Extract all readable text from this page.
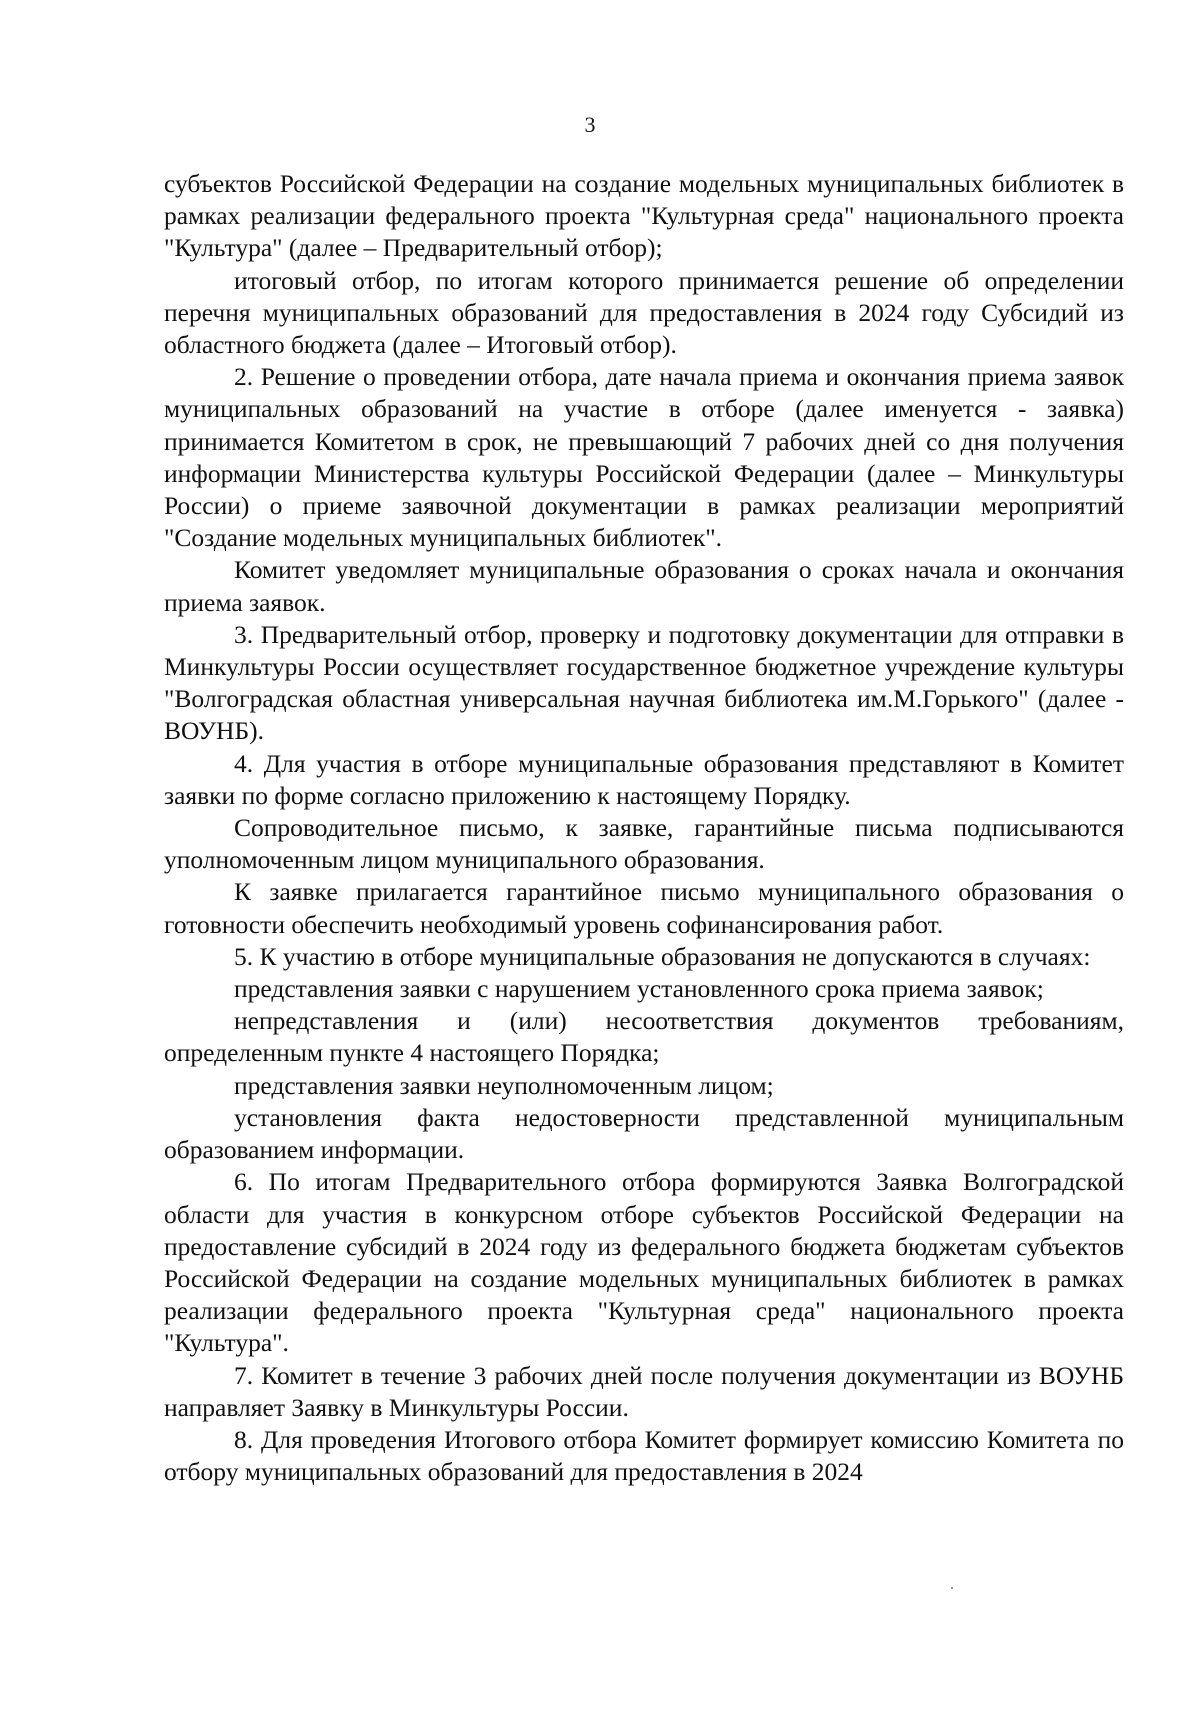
3

субъектов Российской Федерации на создание модельных муниципальных библиотек в рамках реализации федерального проекта "Культурная среда" национального проекта "Культура" (далее – Предварительный отбор);

итоговый отбор, по итогам которого принимается решение об определении перечня муниципальных образований для предоставления в 2024 году Субсидий из областного бюджета (далее – Итоговый отбор).

2. Решение о проведении отбора, дате начала приема и окончания приема заявок муниципальных образований на участие в отборе (далее именуется - заявка) принимается Комитетом в срок, не превышающий 7 рабочих дней со дня получения информации Министерства культуры Российской Федерации (далее – Минкультуры России) о приеме заявочной документации в рамках реализации мероприятий "Создание модельных муниципальных библиотек".

Комитет уведомляет муниципальные образования о сроках начала и окончания приема заявок.

3. Предварительный отбор, проверку и подготовку документации для отправки в Минкультуры России осуществляет государственное бюджетное учреждение культуры "Волгоградская областная универсальная научная библиотека им.М.Горького" (далее - ВОУНБ).

4. Для участия в отборе муниципальные образования представляют в Комитет заявки по форме согласно приложению к настоящему Порядку.

Сопроводительное письмо, к заявке, гарантийные письма подписываются уполномоченным лицом муниципального образования.

К заявке прилагается гарантийное письмо муниципального образования о готовности обеспечить необходимый уровень софинансирования работ.

5. К участию в отборе муниципальные образования не допускаются в случаях:

представления заявки с нарушением установленного срока приема заявок;

непредставления и (или) несоответствия документов требованиям, определенным пункте 4 настоящего Порядка;

представления заявки неуполномоченным лицом;

установления факта недостоверности представленной муниципальным образованием информации.

6. По итогам Предварительного отбора формируются Заявка Волгоградской области для участия в конкурсном отборе субъектов Российской Федерации на предоставление субсидий в 2024 году из федерального бюджета бюджетам субъектов Российской Федерации на создание модельных муниципальных библиотек в рамках реализации федерального проекта "Культурная среда" национального проекта "Культура".

7. Комитет в течение 3 рабочих дней после получения документации из ВОУНБ направляет Заявку в Минкультуры России.

8. Для проведения Итогового отбора Комитет формирует комиссию Комитета по отбору муниципальных образований для предоставления в 2024
